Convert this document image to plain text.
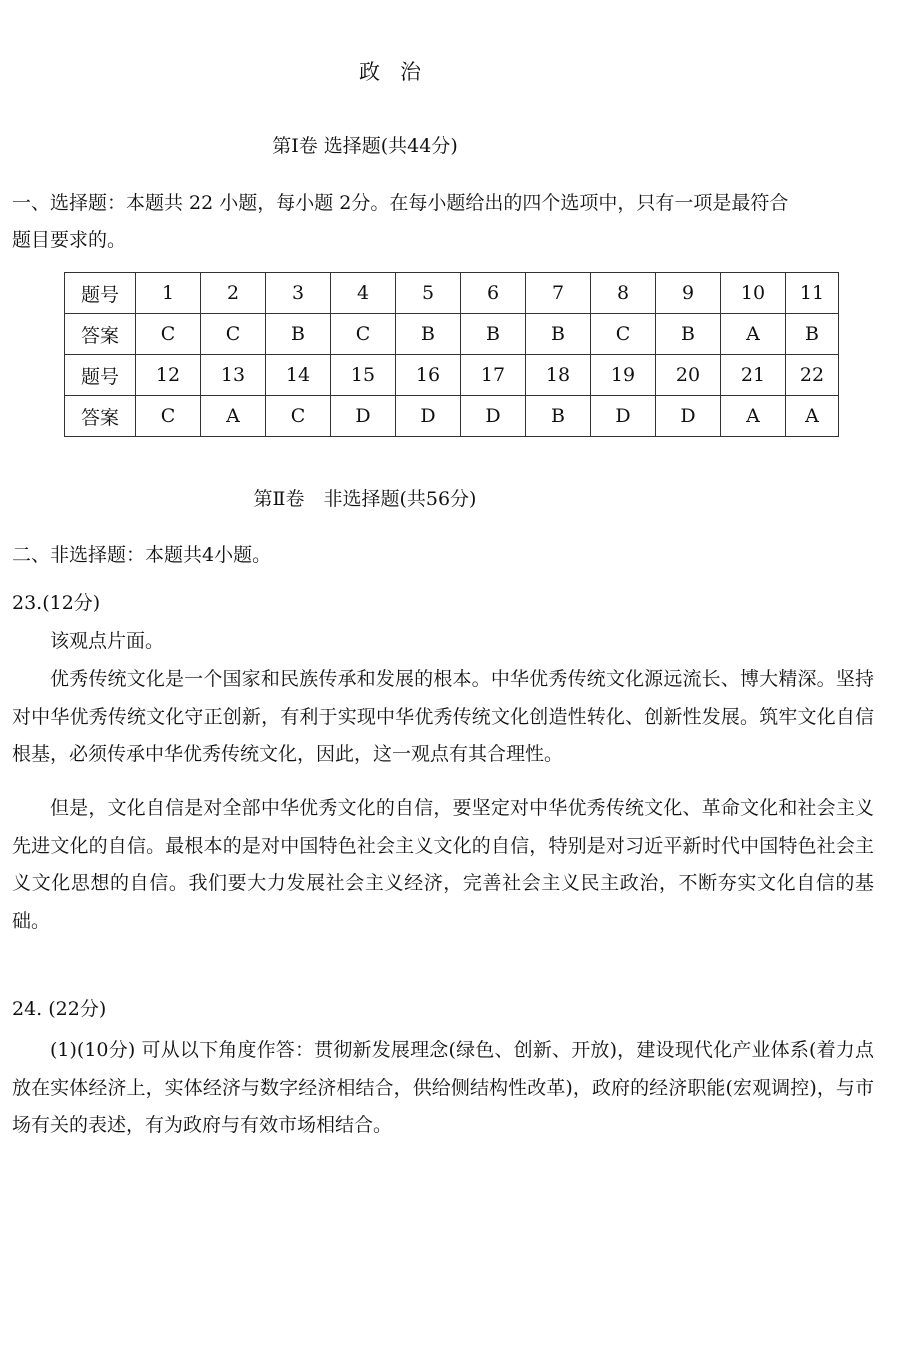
政治
第Ⅰ卷 选择题(共44分)
一、选择题：本题共 22 小题，每小题 2分。在每小题给出的四个选项中，只有一项是最符合
题目要求的。
题号	1	2	3	4	5	6	7	8	9	10	11
答案	C	C	B	C	B	B	B	C	B	A	B
题号	12	13	14	15	16	17	18	19	20	21	22
答案	C	A	C	D	D	D	B	D	D	A	A
第Ⅱ卷　非选择题(共56分)
二、非选择题：本题共4小题。
23.(12分)
该观点片面。
优秀传统文化是一个国家和民族传承和发展的根本。中华优秀传统文化源远流长、博大精深。坚持对中华优秀传统文化守正创新，有利于实现中华优秀传统文化创造性转化、创新性发展。筑牢文化自信根基，必须传承中华优秀传统文化，因此，这一观点有其合理性。
但是，文化自信是对全部中华优秀文化的自信，要坚定对中华优秀传统文化、革命文化和社会主义先进文化的自信。最根本的是对中国特色社会主义文化的自信，特别是对习近平新时代中国特色社会主义文化思想的自信。我们要大力发展社会主义经济，完善社会主义民主政治，不断夯实文化自信的基础。
24. (22分)
(1)(10分) 可从以下角度作答：贯彻新发展理念(绿色、创新、开放)，建设现代化产业体系(着力点放在实体经济上，实体经济与数字经济相结合，供给侧结构性改革)，政府的经济职能(宏观调控)，与市场有关的表述，有为政府与有效市场相结合。
